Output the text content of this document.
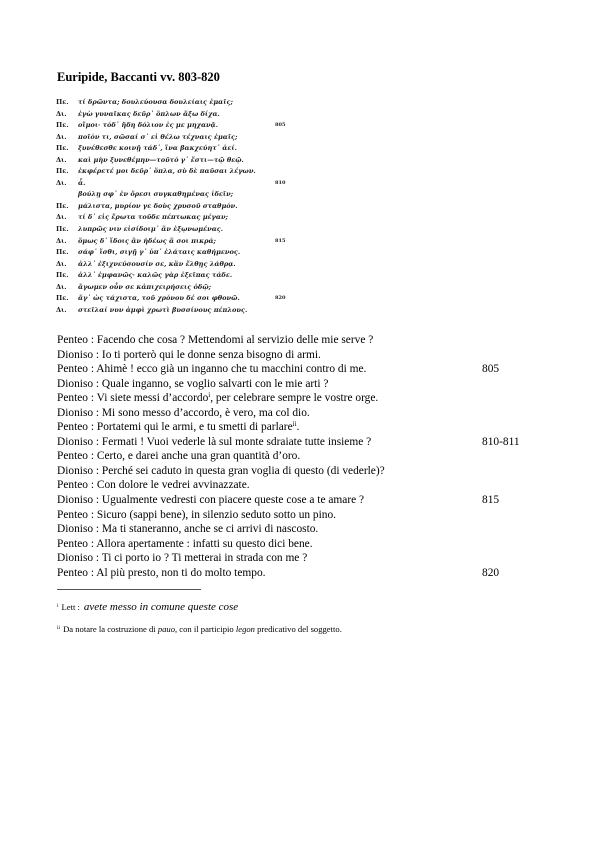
Euripide, Baccanti vv. 803-820
Πε. τί δρῶντα; δουλεύουσα δουλείαις ἐμαῖς;
Δι. ἐγὼ γυναῖκας δεῦρ᾽ ὅπλων ἄξω δίχα.
Πε. οἴμοι· τόδ᾽ ἤδη δόλιον ἐς με μηχανᾷ.	805
Δι. ποῖόν τι, σῶσαί σ᾽ εἰ θέλω τέχναις ἐμαῖς;
Πε. ξυνέθεσθε κοινῇ τάδ᾽, ἵνα βακχεύητ᾽ ἀεί.
Δι. καὶ μὴν ξυνεθέμην—τοῦτό γ᾽ ἔστι—τῷ θεῷ.
Πε. ἐκφέρετέ μοι δεῦρ᾽ ὅπλα, σὺ δὲ παῦσαι λέγων.
Δι. ἆ.	810
βούλῃ σφ᾽ ἐν ὄρεσι συγκαθημένας ἰδεῖν;
Πε. μάλιστα, μυρίον γε δοὺς χρυσοῦ σταθμόν.
Δι. τί δ᾽ εἰς ἔρωτα τοῦδε πέπτωκας μέγαν;
Πε. λυπρῶς νιν εἰσίδοιμ᾽ ἂν ἐξῳνωμένας.
Δι. ὅμως δ᾽ ἴδοις ἂν ἡδέως ἅ σοι πικρά;	815
Πε. σάφ᾽ ἴσθι, σιγῇ γ᾽ ὑπ᾽ ἐλάταις καθήμενος.
Δι. ἀλλ᾽ ἐξιχνεύσουσίν σε, κἂν ἔλθῃς λάθρᾳ.
Πε. ἀλλ᾽ ἐμφανῶς· καλῶς γὰρ ἐξεῖπας τάδε.
Δι. ἄγωμεν οὖν σε κἀπιχειρήσεις ὁδῷ;
Πε. ἄγ᾽ ὡς τάχιστα, τοῦ χρόνου δέ σοι φθονῶ.	820
Δι. στεῖλαί νυν ἀμφὶ χρωτὶ βυσσίνους πέπλους.
Penteo : Facendo che cosa ? Mettendomi al servizio delle mie serve ?
Dioniso : Io ti porterò qui le donne senza bisogno di armi.
Penteo : Ahimè ! ecco già un inganno che tu macchini contro di me.	805
Dioniso : Quale inganno, se voglio salvarti con le mie arti ?
Penteo : Vi siete messi d’accordo$^i$, per celebrare sempre le vostre orge.
Dioniso : Mi sono messo d’accordo, è vero, ma col dio.
Penteo : Portatemi qui le armi, e tu smetti di parlare$^{ii}$.
Dioniso : Fermati ! Vuoi vederle là sul monte sdraiate tutte insieme ?	810-811
Penteo : Certo, e darei anche una gran quantità d’oro.
Dioniso : Perché sei caduto in questa gran voglia di questo (di vederle)?
Penteo : Con dolore le vedrei avvinazzate.
Dioniso : Ugualmente vedresti con piacere queste cose a te amare ?	815
Penteo : Sicuro (sappi bene), in silenzio seduto sotto un pino.
Dioniso : Ma ti staneranno, anche se ci arrivi di nascosto.
Penteo : Allora apertamente : infatti su questo dici bene.
Dioniso : Ti ci porto io ? Ti metterai in strada con me ?
Penteo : Al più presto, non ti do molto tempo.	820
i Lett : avete messo in comune queste cose
$^{ii}$ Da notare la costruzione di pauo, con il participio legon predicativo del soggetto.
